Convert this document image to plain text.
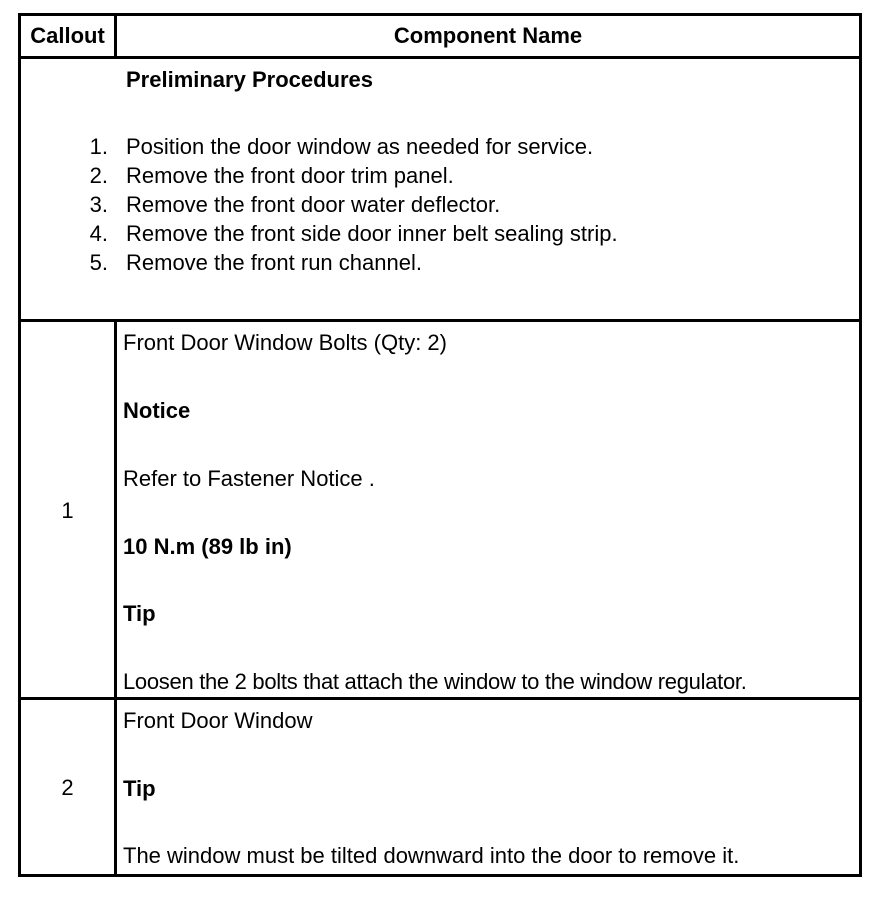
Callout	Component Name
Preliminary Procedures
1. Position the door window as needed for service.
2. Remove the front door trim panel.
3. Remove the front door water deflector.
4. Remove the front side door inner belt sealing strip.
5. Remove the front run channel.
1
Front Door Window Bolts (Qty: 2)
Notice
Refer to Fastener Notice .
10 N.m (89 lb in)
Tip
Loosen the 2 bolts that attach the window to the window regulator.
2
Front Door Window
Tip
The window must be tilted downward into the door to remove it.
